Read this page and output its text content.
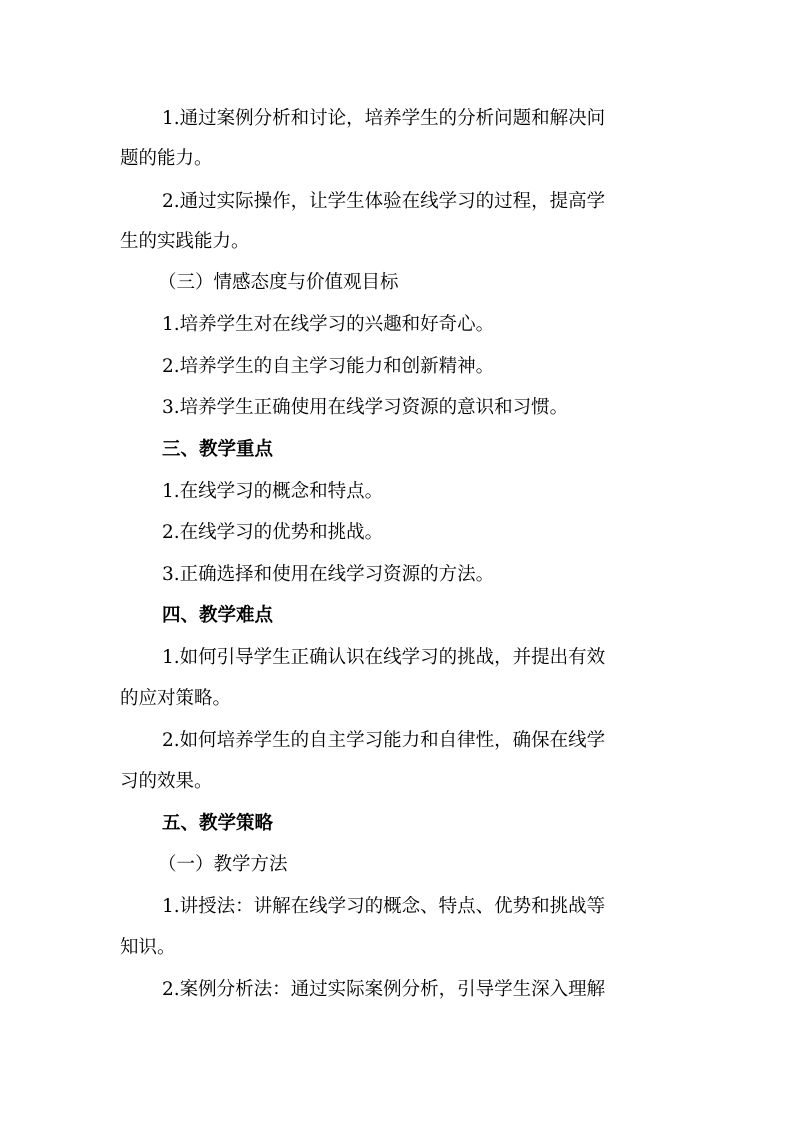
1.通过案例分析和讨论，培养学生的分析问题和解决问
题的能力。
2.通过实际操作，让学生体验在线学习的过程，提高学
生的实践能力。
（三）情感态度与价值观目标
1.培养学生对在线学习的兴趣和好奇心。
2.培养学生的自主学习能力和创新精神。
3.培养学生正确使用在线学习资源的意识和习惯。
三、教学重点
1.在线学习的概念和特点。
2.在线学习的优势和挑战。
3.正确选择和使用在线学习资源的方法。
四、教学难点
1.如何引导学生正确认识在线学习的挑战，并提出有效
的应对策略。
2.如何培养学生的自主学习能力和自律性，确保在线学
习的效果。
五、教学策略
（一）教学方法
1.讲授法：讲解在线学习的概念、特点、优势和挑战等
知识。
2.案例分析法：通过实际案例分析，引导学生深入理解
